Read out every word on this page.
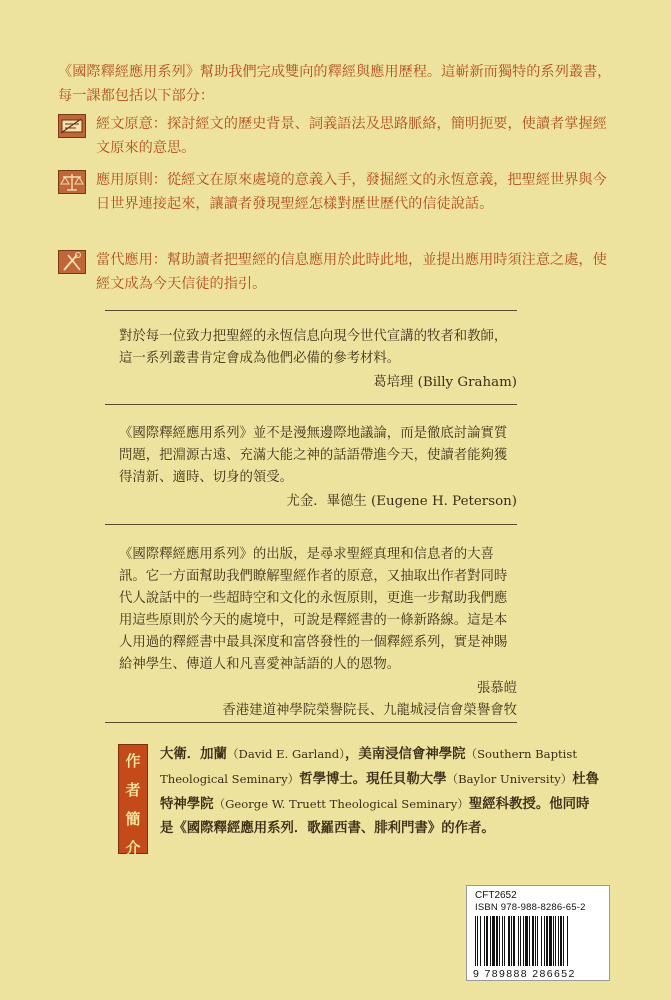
《國際釋經應用系列》幫助我們完成雙向的釋經與應用歷程。這嶄新而獨特的系列叢書，每一課都包括以下部分：

經文原意：探討經文的歷史背景、詞義語法及思路脈絡，簡明扼要，使讀者掌握經文原來的意思。

應用原則：從經文在原來處境的意義入手，發掘經文的永恆意義，把聖經世界與今日世界連接起來，讓讀者發現聖經怎樣對歷世歷代的信徒說話。

當代應用：幫助讀者把聖經的信息應用於此時此地，並提出應用時須注意之處，使經文成為今天信徒的指引。

對於每一位致力把聖經的永恆信息向現今世代宣講的牧者和教師，這一系列叢書肯定會成為他們必備的參考材料。

葛培理 (Billy Graham)

《國際釋經應用系列》並不是漫無邊際地議論，而是徹底討論實質問題，把淵源古遠、充滿大能之神的話語帶進今天，使讀者能夠獲得清新、適時、切身的領受。

尤金．畢德生 (Eugene H. Peterson)

《國際釋經應用系列》的出版，是尋求聖經真理和信息者的大喜訊。它一方面幫助我們瞭解聖經作者的原意，又抽取出作者對同時代人說話中的一些超時空和文化的永恆原則，更進一步幫助我們應用這些原則於今天的處境中，可說是釋經書的一條新路線。這是本人用過的釋經書中最具深度和富啓發性的一個釋經系列，實是神賜給神學生、傳道人和凡喜愛神話語的人的恩物。

張慕皚

香港建道神學院榮譽院長、九龍城浸信會榮譽會牧

作
者
簡
介

大衛．加蘭（David E. Garland），美南浸信會神學院（Southern Baptist Theological Seminary）哲學博士。現任貝勒大學（Baylor University）杜魯特神學院（George W. Truett Theological Seminary）聖經科教授。他同時是《國際釋經應用系列．歌羅西書、腓利門書》的作者。

CFT2652
ISBN 978-988-8286-65-2
9 789888 286652
